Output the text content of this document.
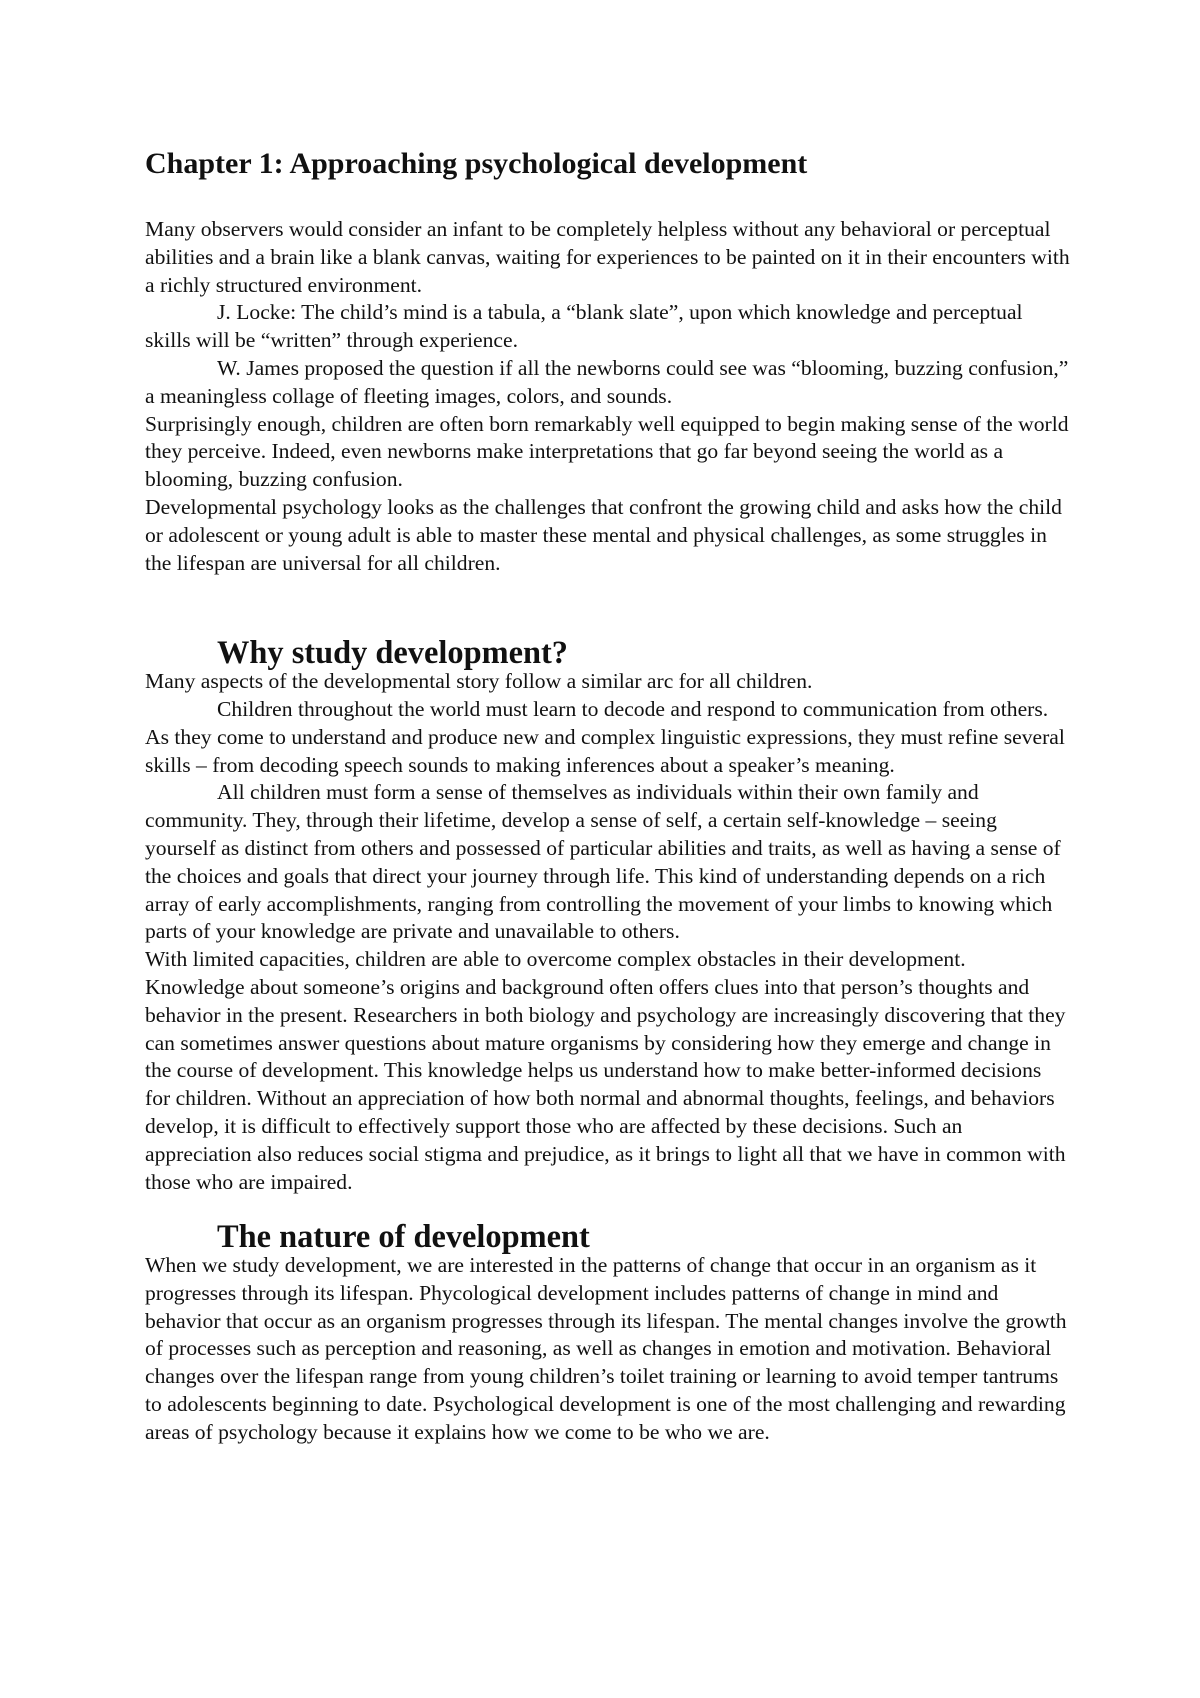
Chapter 1: Approaching psychological development

Many observers would consider an infant to be completely helpless without any behavioral or perceptual abilities and a brain like a blank canvas, waiting for experiences to be painted on it in their encounters with a richly structured environment.

J. Locke: The child’s mind is a tabula, a “blank slate”, upon which knowledge and perceptual skills will be “written” through experience.

W. James proposed the question if all the newborns could see was “blooming, buzzing confusion,” a meaningless collage of fleeting images, colors, and sounds.

Surprisingly enough, children are often born remarkably well equipped to begin making sense of the world they perceive. Indeed, even newborns make interpretations that go far beyond seeing the world as a blooming, buzzing confusion.

Developmental psychology looks as the challenges that confront the growing child and asks how the child or adolescent or young adult is able to master these mental and physical challenges, as some struggles in the lifespan are universal for all children.

Why study development?

Many aspects of the developmental story follow a similar arc for all children.

Children throughout the world must learn to decode and respond to communication from others. As they come to understand and produce new and complex linguistic expressions, they must refine several skills – from decoding speech sounds to making inferences about a speaker’s meaning.

All children must form a sense of themselves as individuals within their own family and community. They, through their lifetime, develop a sense of self, a certain self-knowledge – seeing yourself as distinct from others and possessed of particular abilities and traits, as well as having a sense of the choices and goals that direct your journey through life. This kind of understanding depends on a rich array of early accomplishments, ranging from controlling the movement of your limbs to knowing which parts of your knowledge are private and unavailable to others.

With limited capacities, children are able to overcome complex obstacles in their development. Knowledge about someone’s origins and background often offers clues into that person’s thoughts and behavior in the present. Researchers in both biology and psychology are increasingly discovering that they can sometimes answer questions about mature organisms by considering how they emerge and change in the course of development. This knowledge helps us understand how to make better-informed decisions for children. Without an appreciation of how both normal and abnormal thoughts, feelings, and behaviors develop, it is difficult to effectively support those who are affected by these decisions. Such an appreciation also reduces social stigma and prejudice, as it brings to light all that we have in common with those who are impaired.

The nature of development

When we study development, we are interested in the patterns of change that occur in an organism as it progresses through its lifespan. Phycological development includes patterns of change in mind and behavior that occur as an organism progresses through its lifespan. The mental changes involve the growth of processes such as perception and reasoning, as well as changes in emotion and motivation. Behavioral changes over the lifespan range from young children’s toilet training or learning to avoid temper tantrums to adolescents beginning to date. Psychological development is one of the most challenging and rewarding areas of psychology because it explains how we come to be who we are.
